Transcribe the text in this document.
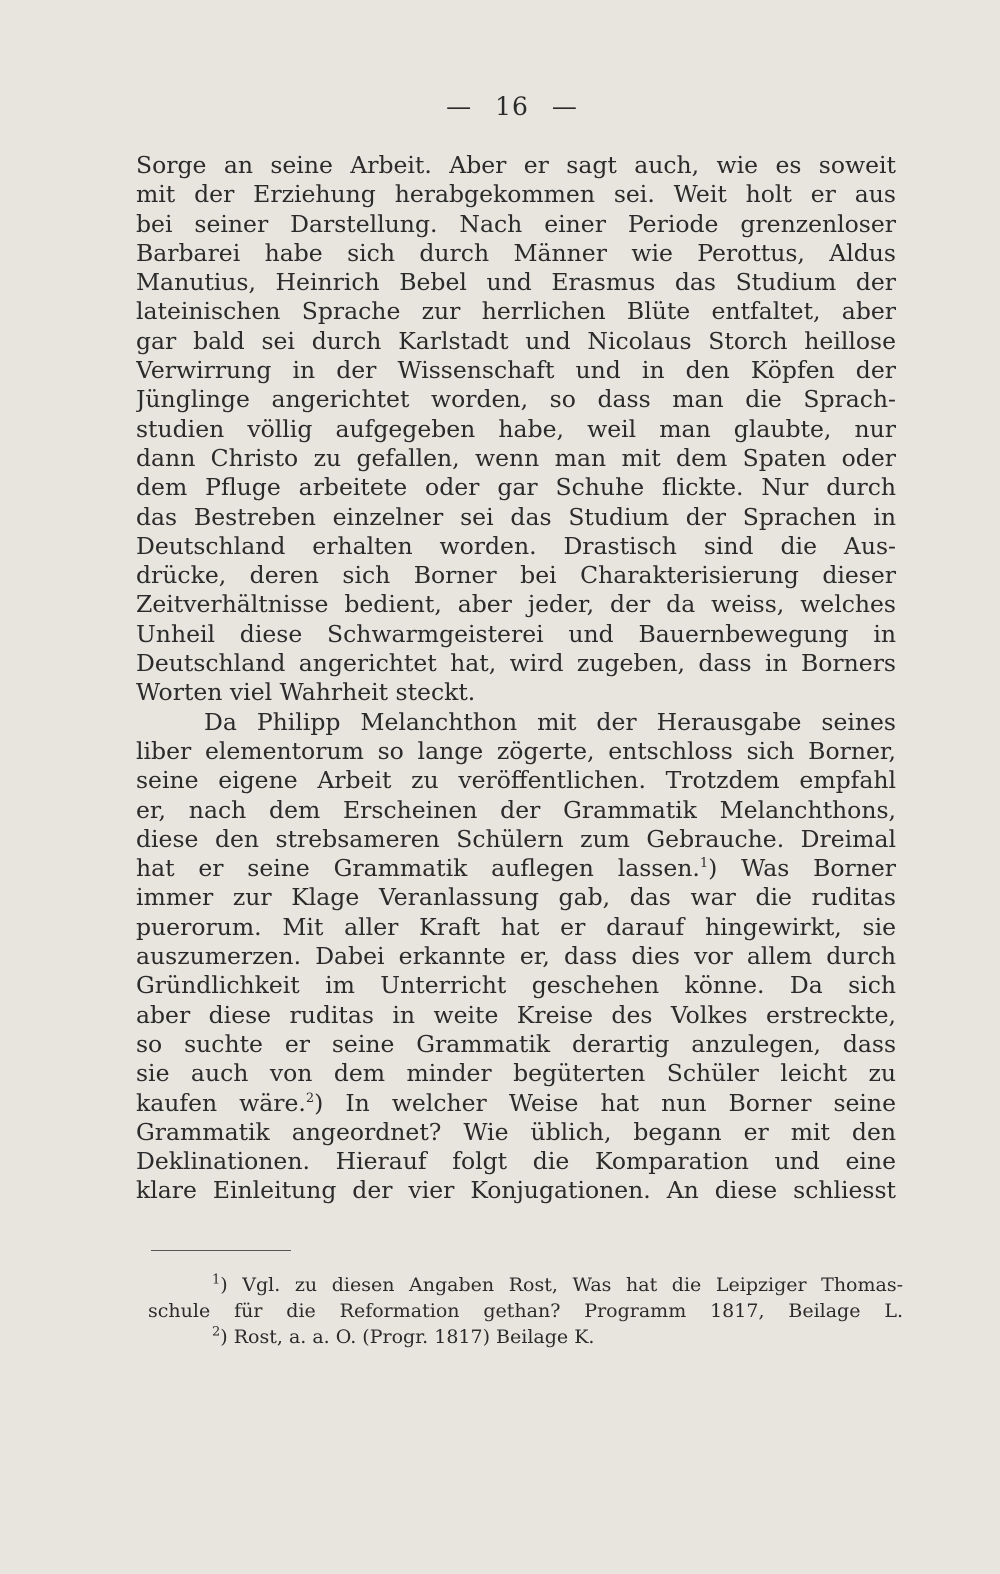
— 16 —
Sorge an seine Arbeit. Aber er sagt auch, wie es soweit
mit der Erziehung herabgekommen sei. Weit holt er aus
bei seiner Darstellung. Nach einer Periode grenzenloser
Barbarei habe sich durch Männer wie Perottus, Aldus
Manutius, Heinrich Bebel und Erasmus das Studium der
lateinischen Sprache zur herrlichen Blüte entfaltet, aber
gar bald sei durch Karlstadt und Nicolaus Storch heillose
Verwirrung in der Wissenschaft und in den Köpfen der
Jünglinge angerichtet worden, so dass man die Sprach-
studien völlig aufgegeben habe, weil man glaubte, nur
dann Christo zu gefallen, wenn man mit dem Spaten oder
dem Pfluge arbeitete oder gar Schuhe flickte. Nur durch
das Bestreben einzelner sei das Studium der Sprachen in
Deutschland erhalten worden. Drastisch sind die Aus-
drücke, deren sich Borner bei Charakterisierung dieser
Zeitverhältnisse bedient, aber jeder, der da weiss, welches
Unheil diese Schwarmgeisterei und Bauernbewegung in
Deutschland angerichtet hat, wird zugeben, dass in Borners
Worten viel Wahrheit steckt.
Da Philipp Melanchthon mit der Herausgabe seines
liber elementorum so lange zögerte, entschloss sich Borner,
seine eigene Arbeit zu veröffentlichen. Trotzdem empfahl
er, nach dem Erscheinen der Grammatik Melanchthons,
diese den strebsameren Schülern zum Gebrauche. Dreimal
hat er seine Grammatik auflegen lassen.$^1$) Was Borner
immer zur Klage Veranlassung gab, das war die ruditas
puerorum. Mit aller Kraft hat er darauf hingewirkt, sie
auszumerzen. Dabei erkannte er, dass dies vor allem durch
Gründlichkeit im Unterricht geschehen könne. Da sich
aber diese ruditas in weite Kreise des Volkes erstreckte,
so suchte er seine Grammatik derartig anzulegen, dass
sie auch von dem minder begüterten Schüler leicht zu
kaufen wäre.$^2$) In welcher Weise hat nun Borner seine
Grammatik angeordnet? Wie üblich, begann er mit den
Deklinationen. Hierauf folgt die Komparation und eine
klare Einleitung der vier Konjugationen. An diese schliesst
$^1$) Vgl. zu diesen Angaben Rost, Was hat die Leipziger Thomas-
schule für die Reformation gethan? Programm 1817, Beilage L.
$^2$) Rost, a. a. O. (Progr. 1817) Beilage K.
